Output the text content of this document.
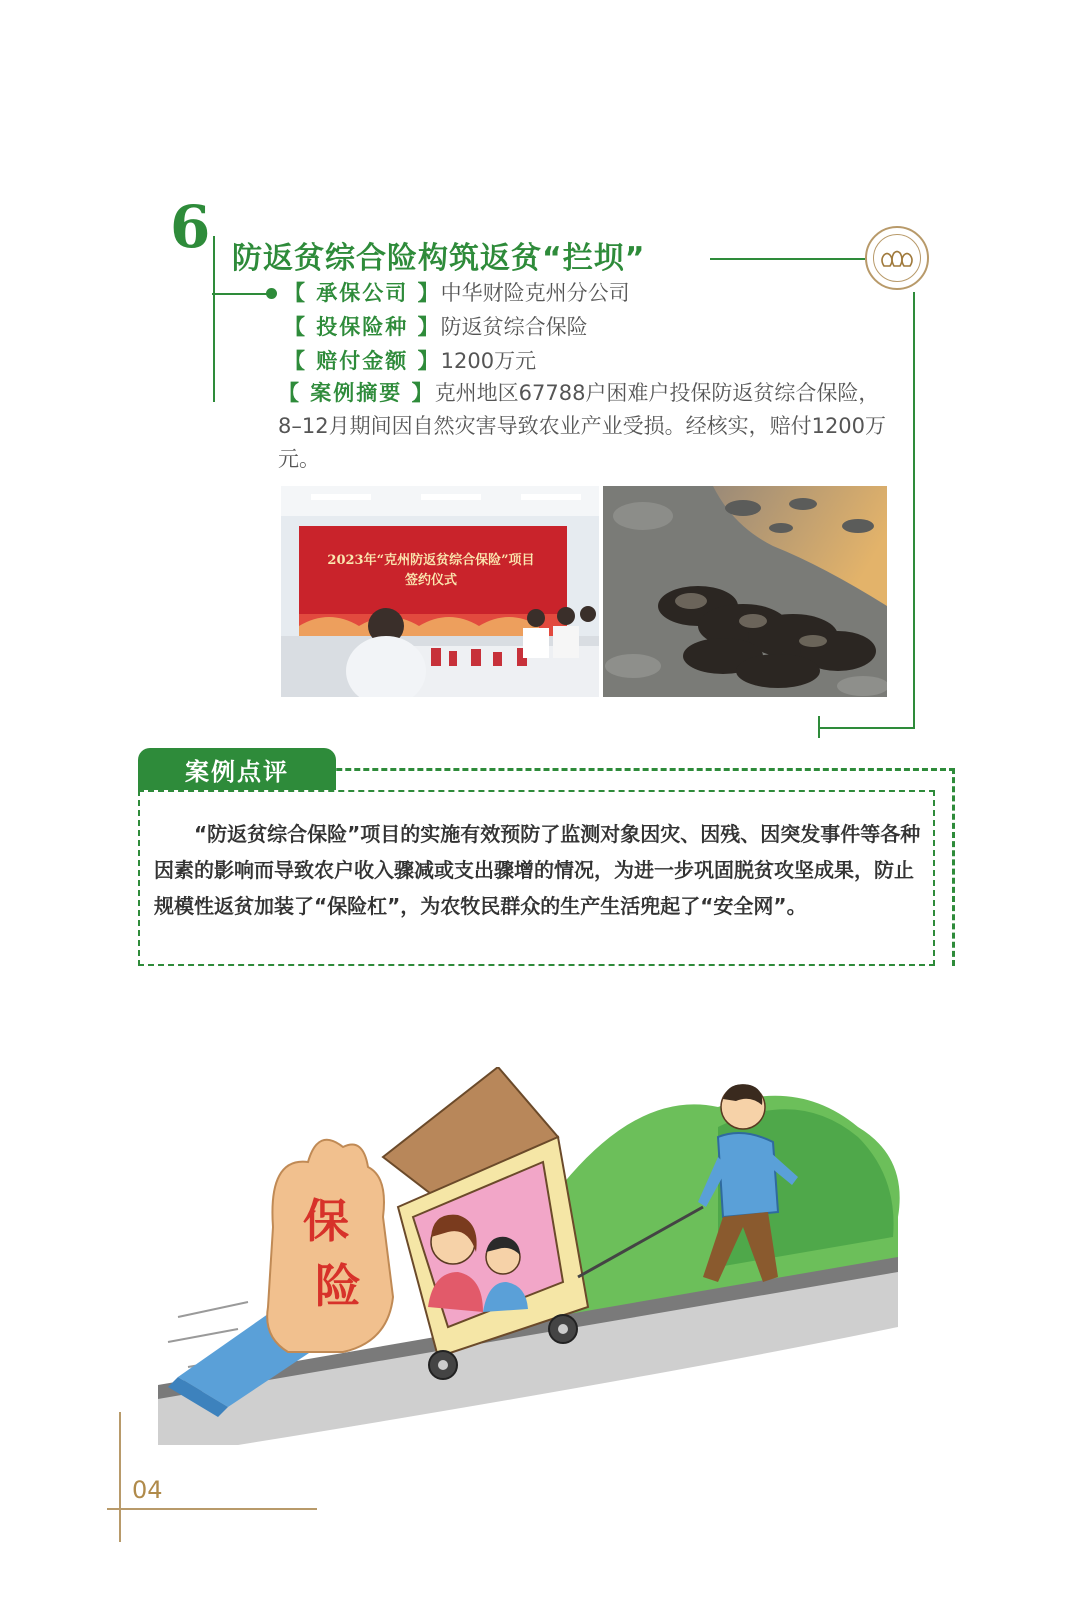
6 防返贫综合险构筑返贫“拦坝”
【 承保公司 】中华财险克州分公司
【 投保险种 】防返贫综合保险
【 赔付金额 】1200万元
【 案例摘要 】克州地区67788户困难户投保防返贫综合保险，8–12月期间因自然灾害导致农业产业受损。经核实，赔付1200万元。
2023年“克州防返贫综合保险”项目
签约仪式
案例点评
“防返贫综合保险”项目的实施有效预防了监测对象因灾、因残、因突发事件等各种因素的影响而导致农户收入骤减或支出骤增的情况，为进一步巩固脱贫攻坚成果，防止规模性返贫加装了“保险杠”，为农牧民群众的生产生活兜起了“安全网”。
保
险
04
